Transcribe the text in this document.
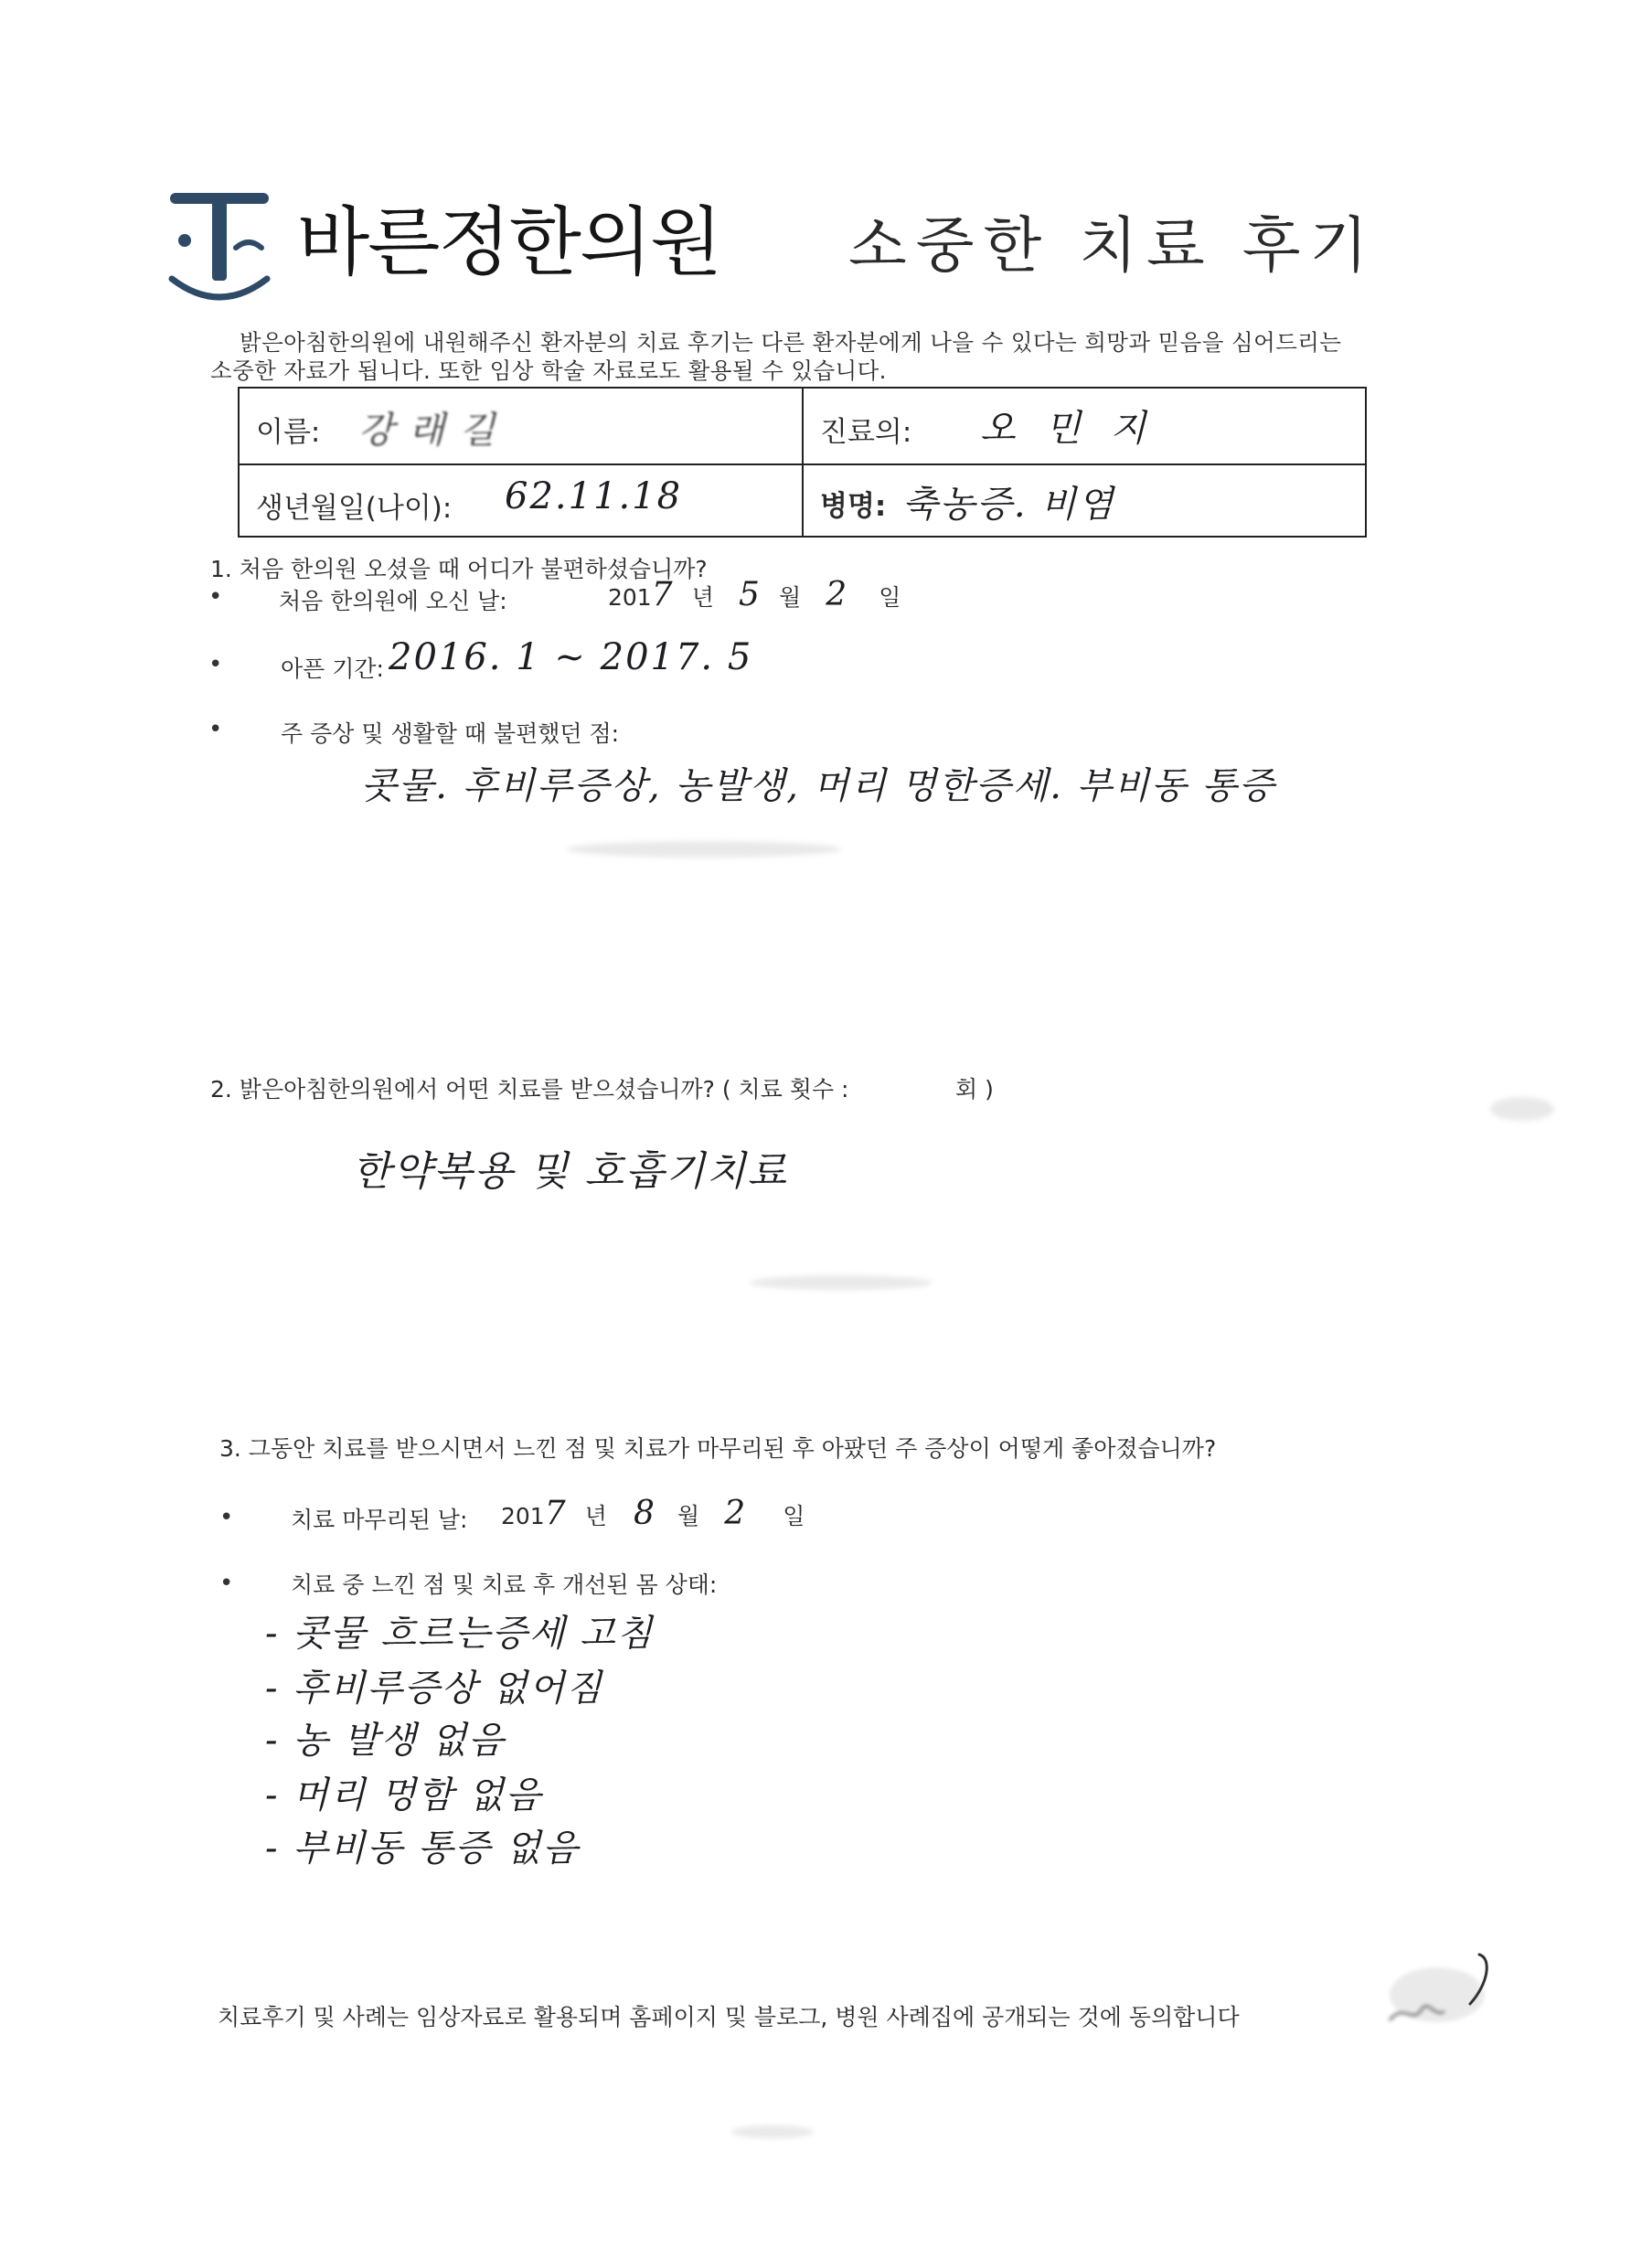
바른정한의원 소중한 치료 후기
밝은아침한의원에 내원해주신 환자분의 치료 후기는 다른 환자분에게 나을 수 있다는 희망과 믿음을 심어드리는
소중한 자료가 됩니다. 또한 임상 학술 자료로도 활용될 수 있습니다.
이름: 강 래 길	진료의: 오 민 지
생년월일(나이): 62.11.18	병명: 축농증. 비염
1. 처음 한의원 오셨을 때 어디가 불편하셨습니까?
• 처음 한의원에 오신 날:	2017 년 5 월 2 일
•	아픈 기간: 2016. 1 ~ 2017. 5
•	주 증상 및 생활할 때 불편했던 점:
콧물. 후비루증상, 농발생, 머리 멍한증세. 부비동 통증
2. 밝은아침한의원에서 어떤 치료를 받으셨습니까? ( 치료 횟수 :	회 )
한약복용 및 호흡기치료
3. 그동안 치료를 받으시면서 느낀 점 및 치료가 마무리된 후 아팠던 주 증상이 어떻게 좋아졌습니까?
•	치료 마무리된 날: 2017 년 8 월 2 일
•	치료 중 느낀 점 및 치료 후 개선된 몸 상태:
- 콧물 흐르는증세 고침
- 후비루증상 없어짐
- 농 발생 없음
- 머리 멍함 없음
- 부비동 통증 없음
치료후기 및 사례는 임상자료로 활용되며 홈페이지 및 블로그, 병원 사례집에 공개되는 것에 동의합니다
